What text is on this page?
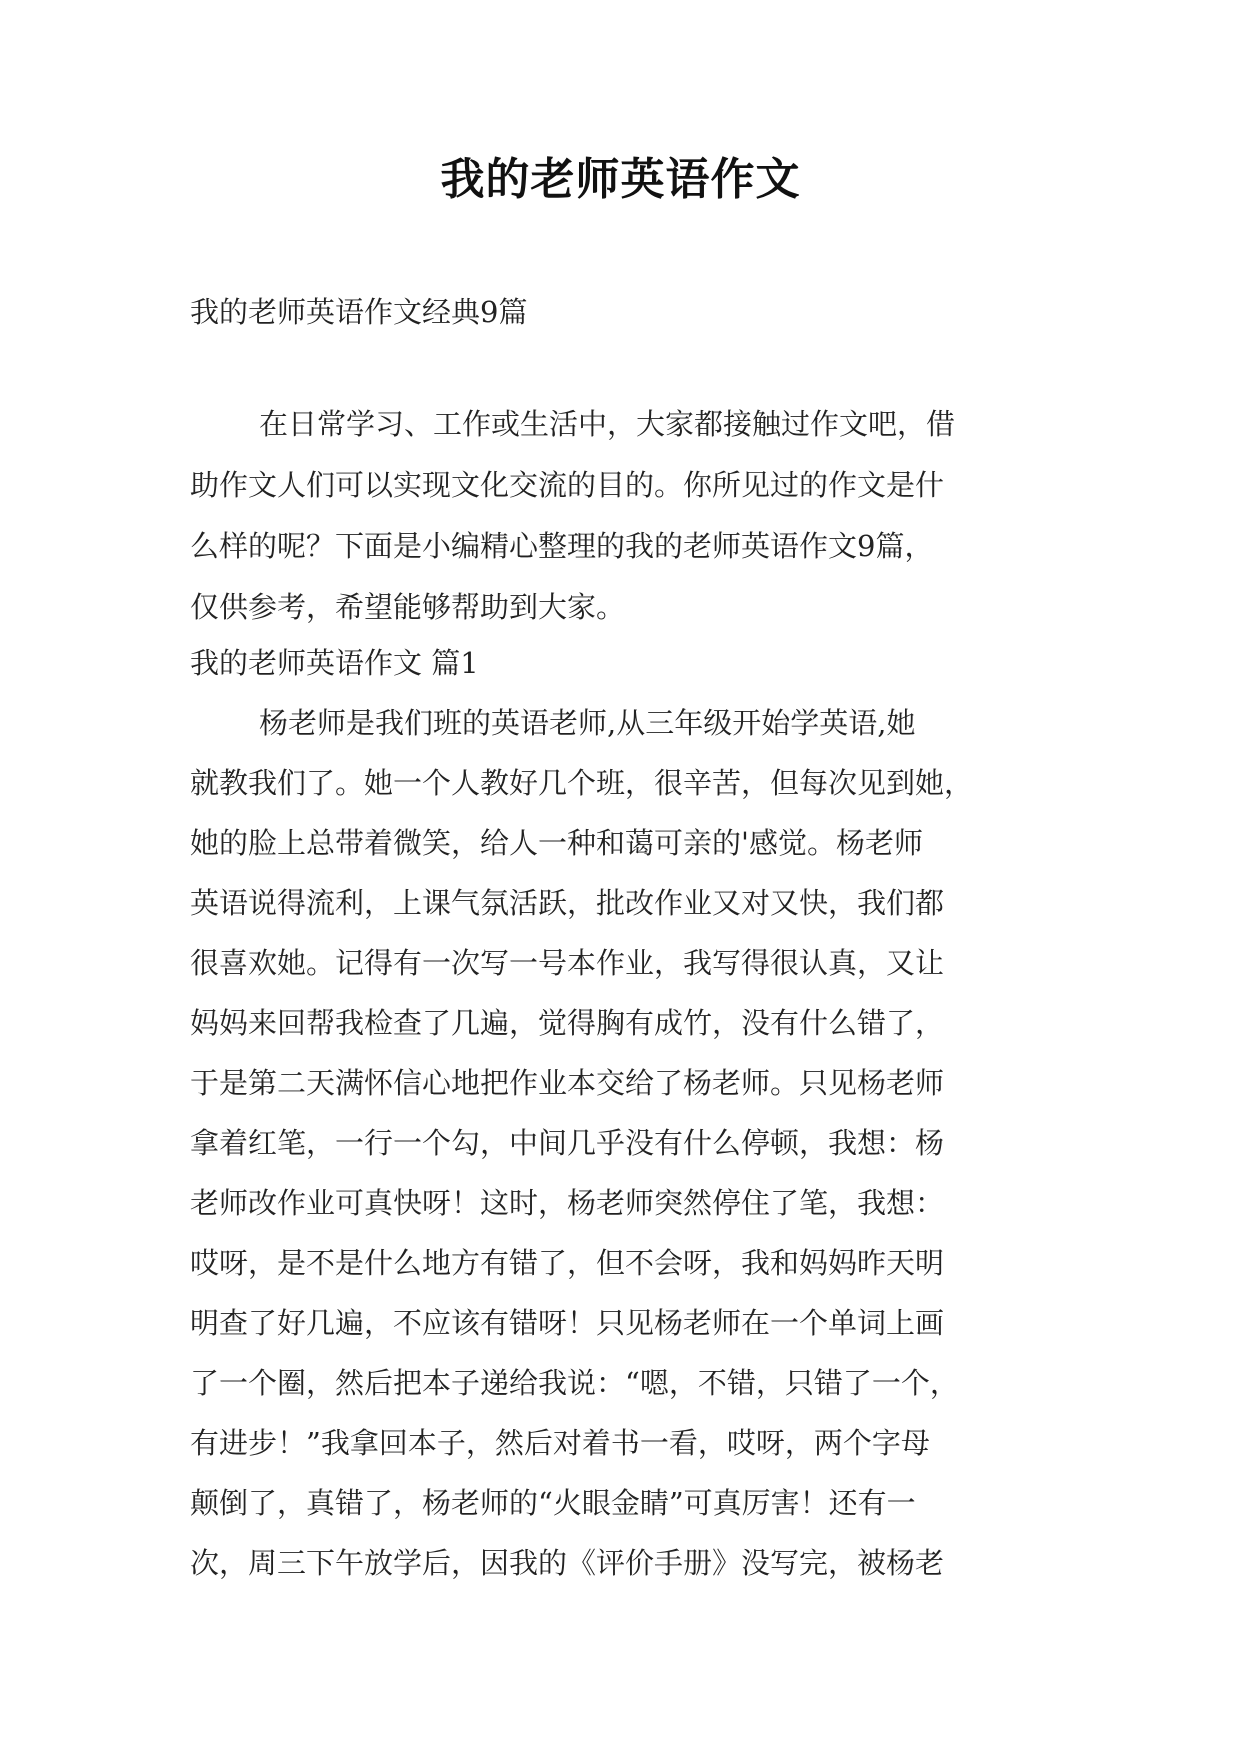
我的老师英语作文
我的老师英语作文经典9篇
在日常学习、工作或生活中，大家都接触过作文吧，借
助作文人们可以实现文化交流的目的。你所见过的作文是什
么样的呢？下面是小编精心整理的我的老师英语作文9篇，
仅供参考，希望能够帮助到大家。
我的老师英语作文 篇1
杨老师是我们班的英语老师,从三年级开始学英语,她
就教我们了。她一个人教好几个班，很辛苦，但每次见到她，
她的脸上总带着微笑，给人一种和蔼可亲的'感觉。杨老师
英语说得流利，上课气氛活跃，批改作业又对又快，我们都
很喜欢她。记得有一次写一号本作业，我写得很认真，又让
妈妈来回帮我检查了几遍，觉得胸有成竹，没有什么错了，
于是第二天满怀信心地把作业本交给了杨老师。只见杨老师
拿着红笔，一行一个勾，中间几乎没有什么停顿，我想：杨
老师改作业可真快呀！这时，杨老师突然停住了笔，我想：
哎呀，是不是什么地方有错了，但不会呀，我和妈妈昨天明
明查了好几遍，不应该有错呀！只见杨老师在一个单词上画
了一个圈，然后把本子递给我说：“嗯，不错，只错了一个，
有进步！”我拿回本子，然后对着书一看，哎呀，两个字母
颠倒了，真错了，杨老师的“火眼金睛”可真厉害！还有一
次，周三下午放学后，因我的《评价手册》没写完，被杨老
